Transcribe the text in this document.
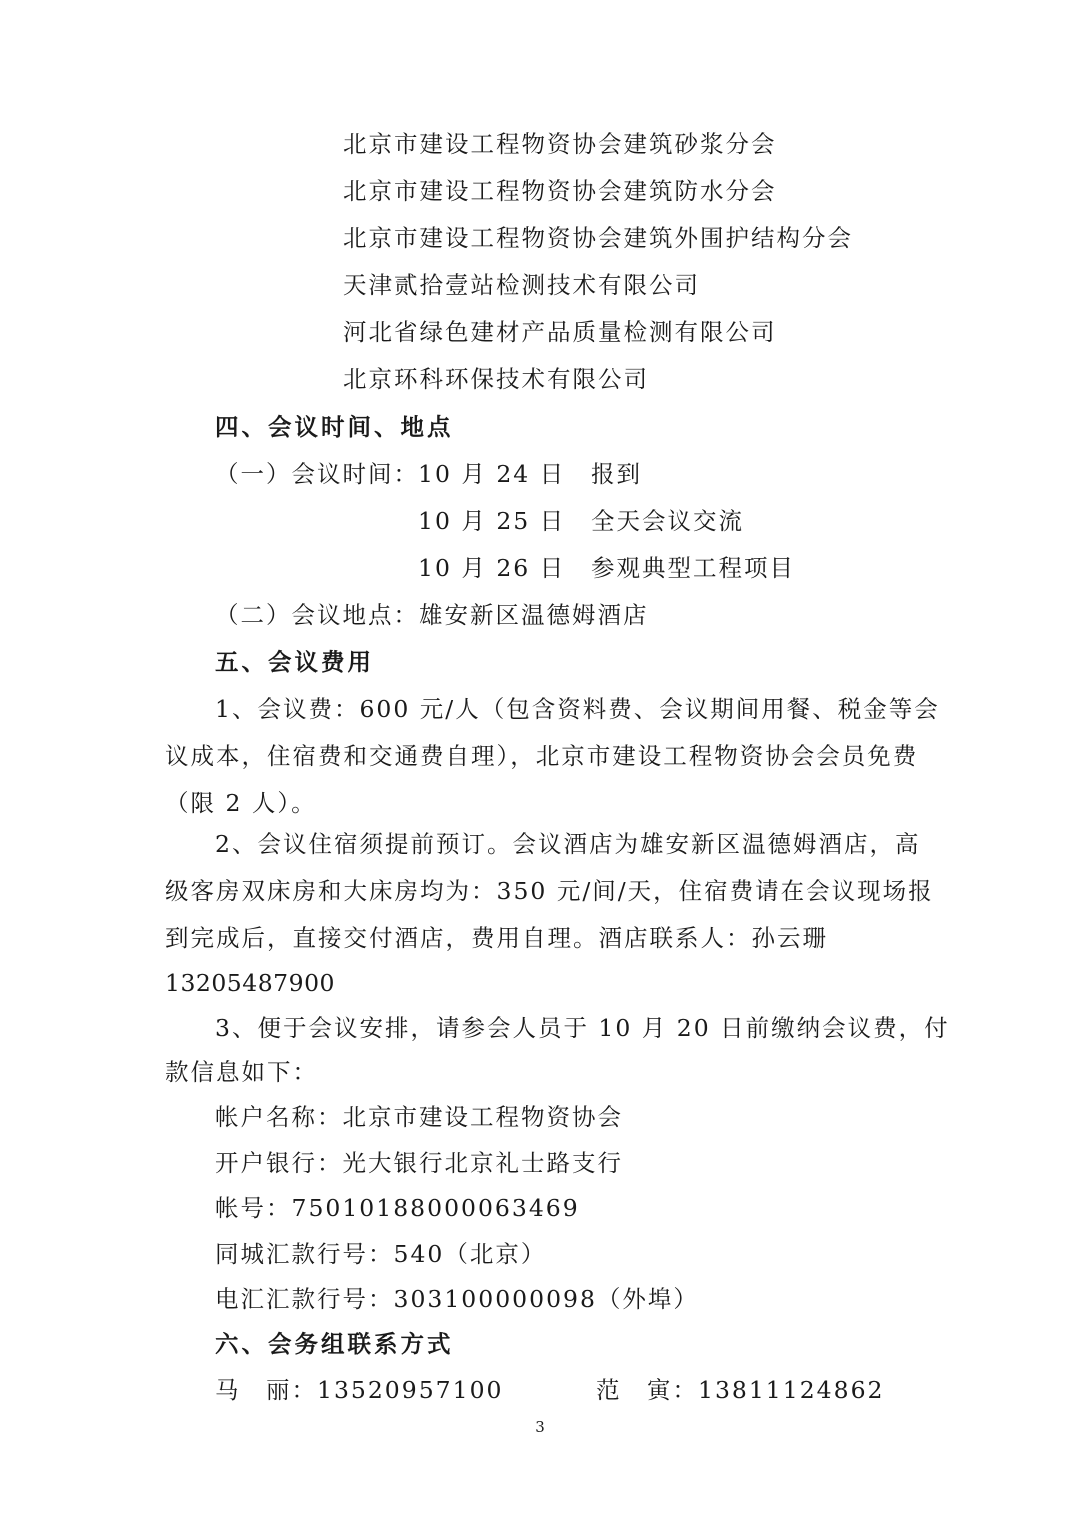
北京市建设工程物资协会建筑砂浆分会
北京市建设工程物资协会建筑防水分会
北京市建设工程物资协会建筑外围护结构分会
天津贰拾壹站检测技术有限公司
河北省绿色建材产品质量检测有限公司
北京环科环保技术有限公司
四、会议时间、地点
（一）会议时间： 10 月 24 日 报到
10 月 25 日 全天会议交流
10 月 26 日 参观典型工程项目
（二）会议地点：雄安新区温德姆酒店
五、会议费用
1、会议费：600 元/人（包含资料费、会议期间用餐、税金等会
议成本，住宿费和交通费自理），北京市建设工程物资协会会员免费
（限 2 人）。
2、会议住宿须提前预订。会议酒店为雄安新区温德姆酒店，高
级客房双床房和大床房均为：350 元/间/天，住宿费请在会议现场报
到完成后，直接交付酒店，费用自理。酒店联系人：孙云珊
13205487900
3、便于会议安排，请参会人员于 10 月 20 日前缴纳会议费，付
款信息如下：
帐户名称：北京市建设工程物资协会
开户银行：光大银行北京礼士路支行
帐号：75010188000063469
同城汇款行号：540（北京）
电汇汇款行号：303100000098（外埠）
六、会务组联系方式
马　丽：13520957100	范　寅：13811124862
3
